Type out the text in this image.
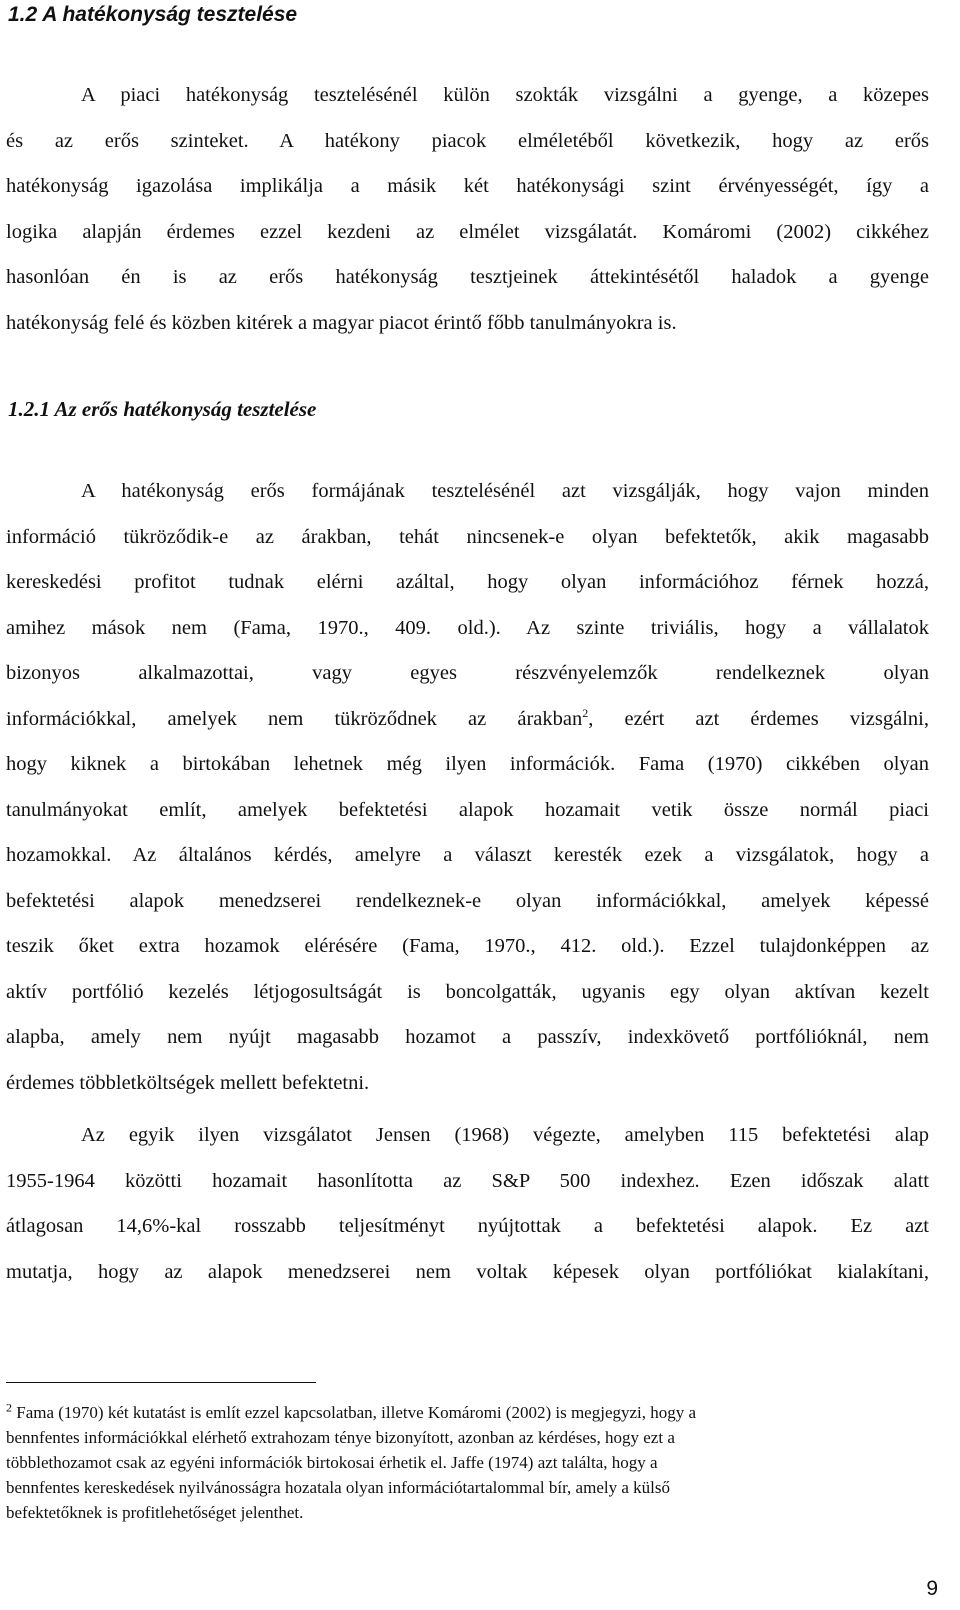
1.2 A hatékonyság tesztelése
A piaci hatékonyság tesztelésénél külön szokták vizsgálni a gyenge, a közepes
és az erős szinteket. A hatékony piacok elméletéből következik, hogy az erős
hatékonyság igazolása implikálja a másik két hatékonysági szint érvényességét, így a
logika alapján érdemes ezzel kezdeni az elmélet vizsgálatát. Komáromi (2002) cikkéhez
hasonlóan én is az erős hatékonyság tesztjeinek áttekintésétől haladok a gyenge
hatékonyság felé és közben kitérek a magyar piacot érintő főbb tanulmányokra is.
1.2.1 Az erős hatékonyság tesztelése
A hatékonyság erős formájának tesztelésénél azt vizsgálják, hogy vajon minden
információ tükröződik-e az árakban, tehát nincsenek-e olyan befektetők, akik magasabb
kereskedési profitot tudnak elérni azáltal, hogy olyan információhoz férnek hozzá,
amihez mások nem (Fama, 1970., 409. old.). Az szinte triviális, hogy a vállalatok
bizonyos alkalmazottai, vagy egyes részvényelemzők rendelkeznek olyan
információkkal, amelyek nem tükröződnek az árakban$^2$, ezért azt érdemes vizsgálni,
hogy kiknek a birtokában lehetnek még ilyen információk. Fama (1970) cikkében olyan
tanulmányokat említ, amelyek befektetési alapok hozamait vetik össze normál piaci
hozamokkal. Az általános kérdés, amelyre a választ keresték ezek a vizsgálatok, hogy a
befektetési alapok menedzserei rendelkeznek-e olyan információkkal, amelyek képessé
teszik őket extra hozamok elérésére (Fama, 1970., 412. old.). Ezzel tulajdonképpen az
aktív portfólió kezelés létjogosultságát is boncolgatták, ugyanis egy olyan aktívan kezelt
alapba, amely nem nyújt magasabb hozamot a passzív, indexkövető portfólióknál, nem
érdemes többletköltségek mellett befektetni.
Az egyik ilyen vizsgálatot Jensen (1968) végezte, amelyben 115 befektetési alap
1955-1964 közötti hozamait hasonlította az S&P 500 indexhez. Ezen időszak alatt
átlagosan 14,6%-kal rosszabb teljesítményt nyújtottak a befektetési alapok. Ez azt
mutatja, hogy az alapok menedzserei nem voltak képesek olyan portfóliókat kialakítani,
$^2$ Fama (1970) két kutatást is említ ezzel kapcsolatban, illetve Komáromi (2002) is megjegyzi, hogy a
bennfentes információkkal elérhető extrahozam ténye bizonyított, azonban az kérdéses, hogy ezt a
többlethozamot csak az egyéni információk birtokosai érhetik el. Jaffe (1974) azt találta, hogy a
bennfentes kereskedések nyilvánosságra hozatala olyan információtartalommal bír, amely a külső
befektetőknek is profitlehetőséget jelenthet.
9
